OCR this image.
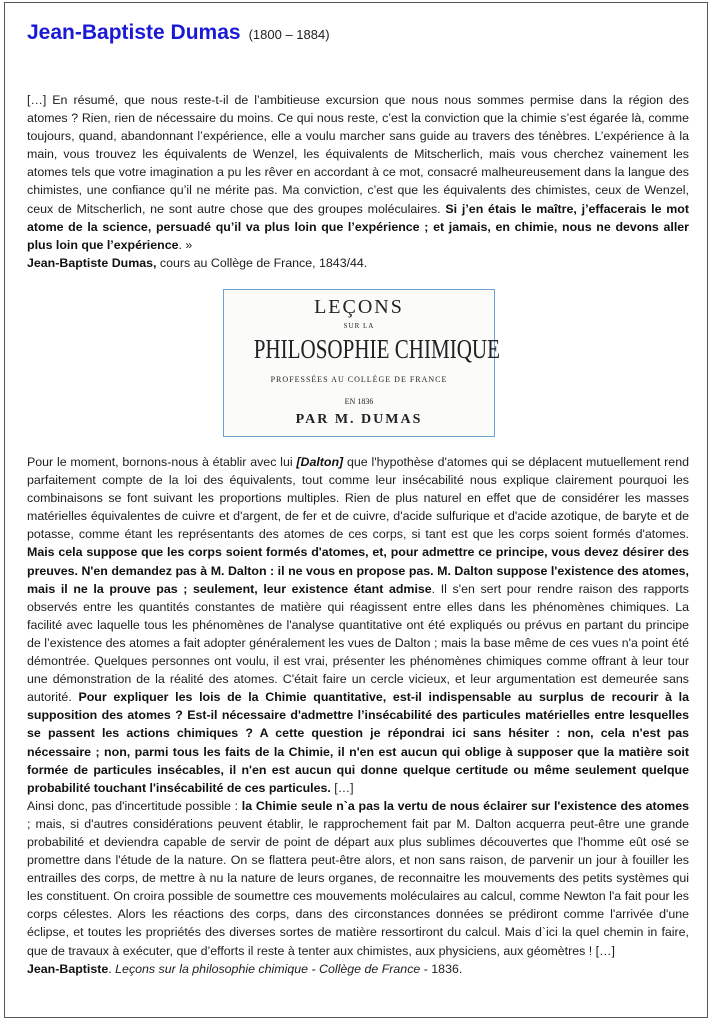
Jean-Baptiste Dumas (1800 – 1884)
[…] En résumé, que nous reste-t-il de l’ambitieuse excursion que nous nous sommes permise dans la région des atomes ? Rien, rien de nécessaire du moins. Ce qui nous reste, c’est la conviction que la chimie s’est égarée là, comme toujours, quand, abandonnant l’expérience, elle a voulu marcher sans guide au travers des ténèbres. L’expérience à la main, vous trouvez les équivalents de Wenzel, les équivalents de Mitscherlich, mais vous cherchez vainement les atomes tels que votre imagination a pu les rêver en accordant à ce mot, consacré malheureusement dans la langue des chimistes, une confiance qu’il ne mérite pas. Ma conviction, c’est que les équivalents des chimistes, ceux de Wenzel, ceux de Mitscherlich, ne sont autre chose que des groupes moléculaires. Si j’en étais le maître, j’effacerais le mot atome de la science, persuadé qu’il va plus loin que l’expérience ; et jamais, en chimie, nous ne devons aller plus loin que l’expérience. »
Jean-Baptiste Dumas, cours au Collège de France, 1843/44.
LEÇONS
SUR LA
PHILOSOPHIE CHIMIQUE
PROFESSÉES AU COLLÈGE DE FRANCE
EN 1836
PAR M. DUMAS
Pour le moment, bornons-nous à établir avec lui [Dalton] que l'hypothèse d'atomes qui se déplacent mutuellement rend parfaitement compte de la loi des équivalents, tout comme leur insécabilité nous explique clairement pourquoi les combinaisons se font suivant les proportions multiples. Rien de plus naturel en effet que de considérer les masses matérielles équivalentes de cuivre et d'argent, de fer et de cuivre, d'acide sulfurique et d'acide azotique, de baryte et de potasse, comme étant les représentants des atomes de ces corps, si tant est que les corps soient formés d'atomes. Mais cela suppose que les corps soient formés d'atomes, et, pour admettre ce principe, vous devez désirer des preuves. N'en demandez pas à M. Dalton : il ne vous en propose pas. M. Dalton suppose l'existence des atomes, mais il ne la prouve pas ; seulement, leur existence étant admise. Il s'en sert pour rendre raison des rapports observés entre les quantités constantes de matière qui réagissent entre elles dans les phénomènes chimiques. La facilité avec laquelle tous les phénomènes de l'analyse quantitative ont été expliqués ou prévus en partant du principe de l’existence des atomes a fait adopter généralement les vues de Dalton ; mais la base même de ces vues n'a point été démontrée. Quelques personnes ont voulu, il est vrai, présenter les phénomènes chimiques comme offrant à leur tour une démonstration de la réalité des atomes. C'était faire un cercle vicieux, et leur argumentation est demeurée sans autorité. Pour expliquer les lois de la Chimie quantitative, est-il indispensable au surplus de recourir à la supposition des atomes ? Est-il nécessaire d'admettre l’insécabilité des particules matérielles entre lesquelles se passent les actions chimiques ? A cette question je répondrai ici sans hésiter : non, cela n'est pas nécessaire ; non, parmi tous les faits de la Chimie, il n'en est aucun qui oblige à supposer que la matière soit formée de particules insécables, il n'en est aucun qui donne quelque certitude ou même seulement quelque probabilité touchant l'insécabilité de ces particules. […]
Ainsi donc, pas d'incertitude possible : la Chimie seule n`a pas la vertu de nous éclairer sur l'existence des atomes ; mais, si d'autres considérations peuvent établir, le rapprochement fait par M. Dalton acquerra peut-être une grande probabilité et deviendra capable de servir de point de départ aux plus sublimes découvertes que l'homme eût osé se promettre dans l'étude de la nature. On se flattera peut-être alors, et non sans raison, de parvenir un jour à fouiller les entrailles des corps, de mettre à nu la nature de leurs organes, de reconnaitre les mouvements des petits systèmes qui les constituent. On croira possible de soumettre ces mouvements moléculaires au calcul, comme Newton l'a fait pour les corps célestes. Alors les réactions des corps, dans des circonstances données se prédiront comme l'arrivée d'une éclipse, et toutes les propriétés des diverses sortes de matière ressortiront du calcul. Mais d`ici la quel chemin in faire, que de travaux à exécuter, que d’efforts il reste à tenter aux chimistes, aux physiciens, aux géomètres ! […]
Jean-Baptiste. Leçons sur la philosophie chimique - Collège de France - 1836.
